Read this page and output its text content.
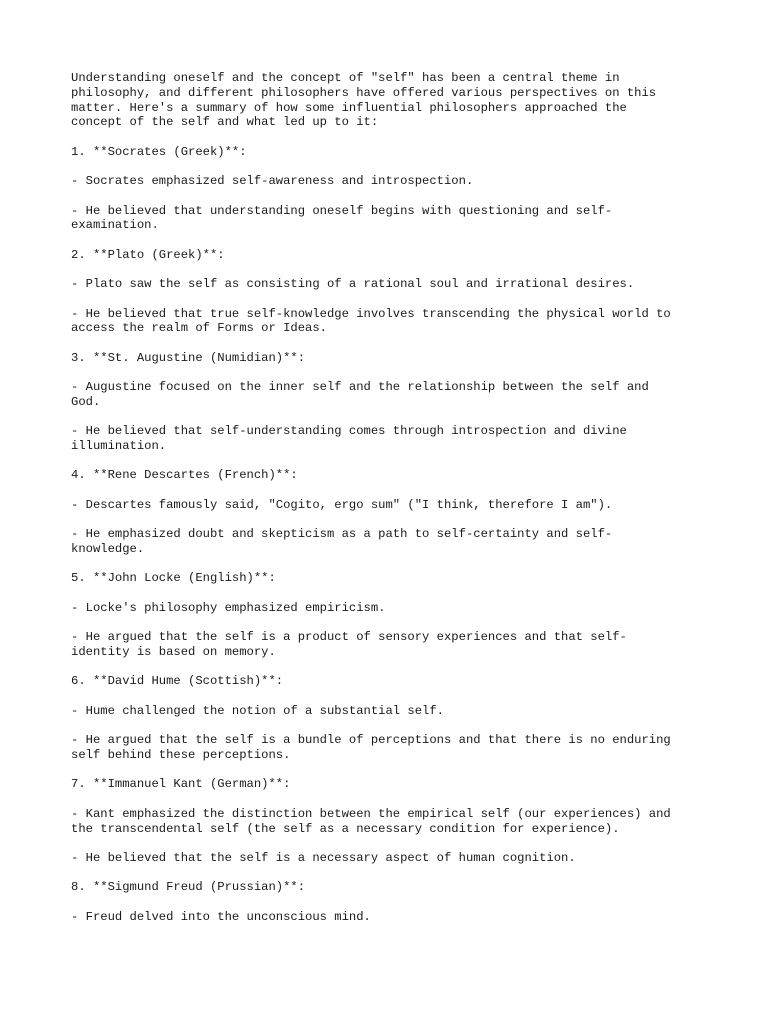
Understanding oneself and the concept of "self" has been a central theme in
philosophy, and different philosophers have offered various perspectives on this
matter. Here's a summary of how some influential philosophers approached the
concept of the self and what led up to it:

1. **Socrates (Greek)**:

- Socrates emphasized self-awareness and introspection.

- He believed that understanding oneself begins with questioning and self-
examination.

2. **Plato (Greek)**:

- Plato saw the self as consisting of a rational soul and irrational desires.

- He believed that true self-knowledge involves transcending the physical world to
access the realm of Forms or Ideas.

3. **St. Augustine (Numidian)**:

- Augustine focused on the inner self and the relationship between the self and
God.

- He believed that self-understanding comes through introspection and divine
illumination.

4. **Rene Descartes (French)**:

- Descartes famously said, "Cogito, ergo sum" ("I think, therefore I am").

- He emphasized doubt and skepticism as a path to self-certainty and self-
knowledge.

5. **John Locke (English)**:

- Locke's philosophy emphasized empiricism.

- He argued that the self is a product of sensory experiences and that self-
identity is based on memory.

6. **David Hume (Scottish)**:

- Hume challenged the notion of a substantial self.

- He argued that the self is a bundle of perceptions and that there is no enduring
self behind these perceptions.

7. **Immanuel Kant (German)**:

- Kant emphasized the distinction between the empirical self (our experiences) and
the transcendental self (the self as a necessary condition for experience).

- He believed that the self is a necessary aspect of human cognition.

8. **Sigmund Freud (Prussian)**:

- Freud delved into the unconscious mind.
